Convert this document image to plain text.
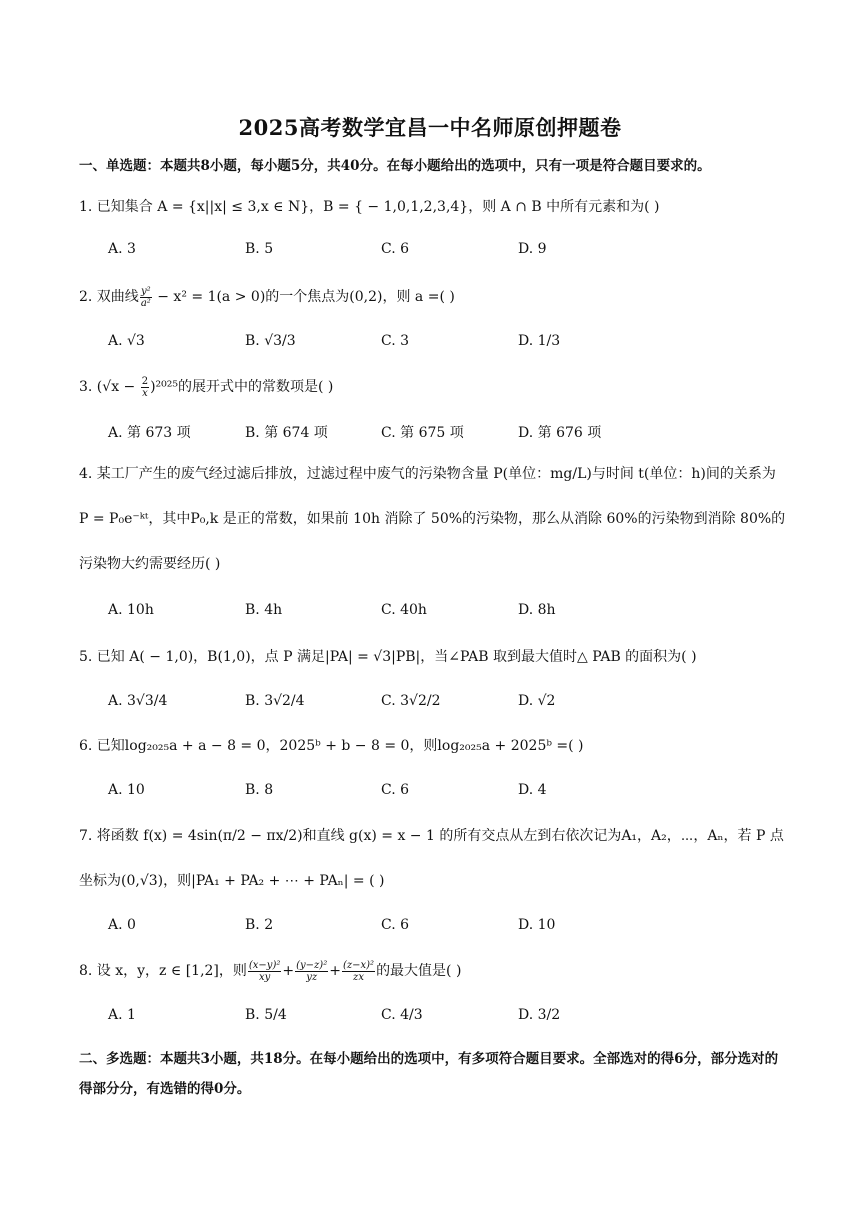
2025高考数学宜昌一中名师原创押题卷
一、单选题：本题共8小题，每小题5分，共40分。在每小题给出的选项中，只有一项是符合题目要求的。
1. 已知集合 A = {x||x| ≤ 3,x ∈ N}，B = { − 1,0,1,2,3,4}，则 A ∩ B 中所有元素和为( )
A. 3	B. 5	C. 6	D. 9
2. 双曲线 $\frac{\text{y²}}{\text{a²}} - x^2 = 1(a > 0)$的一个焦点为(0,2)，则 a =( )
A. √3	B. √3/3	C. 3	D. 1/3
3. $(√x - \frac{2}{x} )^{2025}$的展开式中的常数项是( )
A. 第 673 项	B. 第 674 项	C. 第 675 项	D. 第 676 项
4. 某工厂产生的废气经过滤后排放，过滤过程中废气的污染物含量 P(单位：mg/L)与时间 t(单位：h)间的关系为 P = P₀e⁻ᵏᵗ，其中P₀,k 是正的常数，如果前 10h 消除了 50%的污染物，那么从消除 60%的污染物到消除 80%的污染物大约需要经历( )
A. 10h	B. 4h	C. 40h	D. 8h
5. 已知 A( − 1,0)，B(1,0)，点 P 满足|PA| = √3|PB|，当∠PAB 取到最大值时△ PAB 的面积为( )
A. 3√3/4	B. 3√2/4	C. 3√2/2	D. √2
6. 已知log₂₀₂₅a + a − 8 = 0，2025ᵇ + b − 8 = 0，则log₂₀₂₅a + 2025ᵇ =( )
A. 10	B. 8	C. 6	D. 4
7. 将函数 f(x) = 4sin(π/2 − πx/2)和直线 g(x) = x − 1 的所有交点从左到右依次记为A₁，A₂，⋯，Aₙ，若 P 点坐标为(0,√3)，则|PA₁ + PA₂ + ⋯ + PAₙ| = ( )
A. 0	B. 2	C. 6	D. 10
8. 设 x，y，z ∈ [1,2]，则 $\frac{\text{(x−y)²}}{xy} + \frac{\text{(y−z)²}}{yz} + \frac{\text{(z−x)²}}{zx}$ 的最大值是( )
A. 1	B. 5/4	C. 4/3	D. 3/2
二、多选题：本题共3小题，共18分。在每小题给出的选项中，有多项符合题目要求。全部选对的得6分，部分选对的得部分分，有选错的得0分。
